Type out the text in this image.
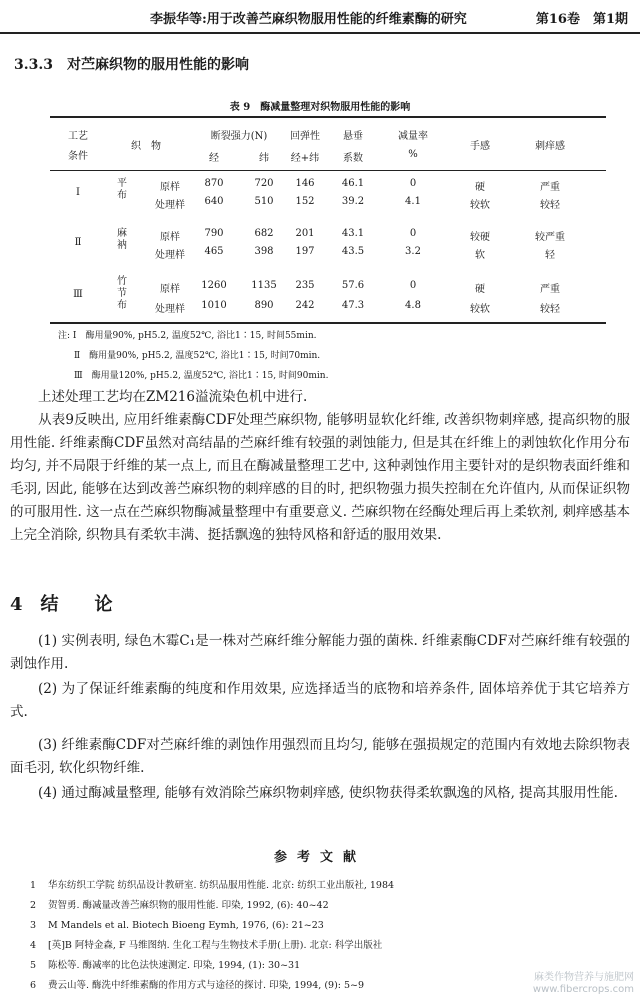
李振华等:用于改善苎麻织物服用性能的纤维素酶的研究	第16卷　第1期
3.3.3　对苎麻织物的服用性能的影响
表 9　酶减量整理对织物服用性能的影响
工艺
条件
织　物
断裂强力(N)
经	纬
回弹性
经+纬
悬垂
系数
减量率
%
手感	刺痒感
Ⅰ
平布
原样 870	720 146	46.1	0	硬	严重
处理样 640	510 152	39.2	4.1	较软	较轻
Ⅱ
麻衲
原样 790	682 201	43.1	0	较硬	较严重
处理样 465	398 197	43.5	3.2	软	轻
Ⅲ
竹节布
原样 1260 1135 235	57.6	0	硬	严重
处理样 1010	890 242	47.3	4.8	较软	较轻
注: Ⅰ　酶用量90%, pH5.2, 温度52℃, 浴比1∶15, 时间55min.
Ⅱ　酶用量90%, pH5.2, 温度52℃, 浴比1∶15, 时间70min.
Ⅲ　酶用量120%, pH5.2, 温度52℃, 浴比1∶15, 时间90min.
上述处理工艺均在ZM216溢流染色机中进行.
从表9反映出, 应用纤维素酶CDF处理苎麻织物, 能够明显软化纤维, 改善织物刺痒感, 提高织物的服用性能. 纤维素酶CDF虽然对高结晶的苎麻纤维有较强的剥蚀能力, 但是其在纤维上的剥蚀软化作用分布均匀, 并不局限于纤维的某一点上, 而且在酶减量整理工艺中, 这种剥蚀作用主要针对的是织物表面纤维和毛羽, 因此, 能够在达到改善苎麻织物的刺痒感的目的时, 把织物强力损失控制在允许值内, 从而保证织物的可服用性. 这一点在苎麻织物酶减量整理中有重要意义. 苎麻织物在经酶处理后再上柔软剂, 刺痒感基本上完全消除, 织物具有柔软丰满、挺括飘逸的独特风格和舒适的服用效果.
4　结　　论
(1) 实例表明, 绿色木霉C₁是一株对苎麻纤维分解能力强的菌株. 纤维素酶CDF对苎麻纤维有较强的剥蚀作用.
(2) 为了保证纤维素酶的纯度和作用效果, 应选择适当的底物和培养条件, 固体培养优于其它培养方式.
(3) 纤维素酶CDF对苎麻纤维的剥蚀作用强烈而且均匀, 能够在强损规定的范围内有效地去除织物表面毛羽, 软化织物纤维.
(4) 通过酶减量整理, 能够有效消除苎麻织物刺痒感, 使织物获得柔软飘逸的风格, 提高其服用性能.
参考文献
1 华东纺织工学院 纺织品设计教研室. 纺织品服用性能. 北京: 纺织工业出版社, 1984
2 贺智勇. 酶减量改善苎麻织物的服用性能. 印染, 1992, (6): 40~42
3 M Mandels et al. Biotech Bioeng Eymh, 1976, (6): 21~23
4 [英]B 阿特金森, F 马维图纳. 生化工程与生物技术手册(上册). 北京: 科学出版社
5 陈松等. 酶减率的比色法快速测定. 印染, 1994, (1): 30~31
6 费云山等. 酶洗中纤维素酶的作用方式与途径的探讨. 印染, 1994, (9): 5~9
麻类作物营养与施肥网
www.fibercrops.com
